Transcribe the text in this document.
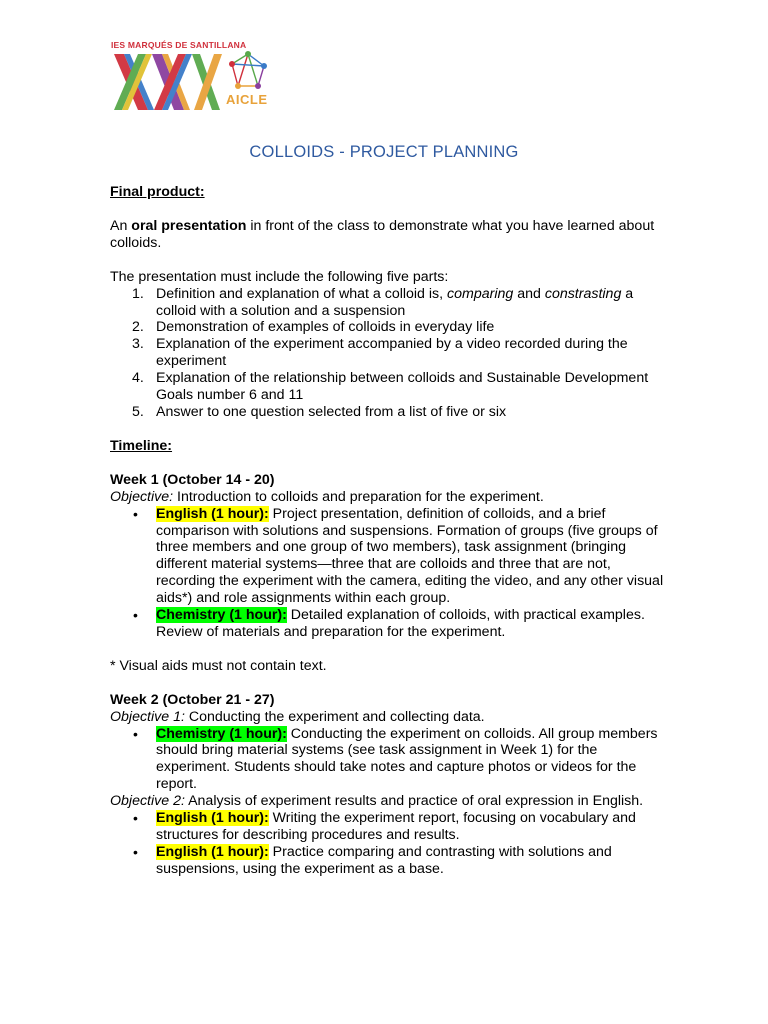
IES MARQUÉS DE SANTILLANA
AICLE
COLLOIDS - PROJECT PLANNING

Final product:

An oral presentation in front of the class to demonstrate what you have learned about colloids.

The presentation must include the following five parts:

1. Definition and explanation of what a colloid is, comparing and constrasting a colloid with a solution and a suspension
2. Demonstration of examples of colloids in everyday life
3. Explanation of the experiment accompanied by a video recorded during the experiment
4. Explanation of the relationship between colloids and Sustainable Development Goals number 6 and 11
5. Answer to one question selected from a list of five or six

Timeline:

Week 1 (October 14 - 20)

Objective: Introduction to colloids and preparation for the experiment.

• English (1 hour): Project presentation, definition of colloids, and a brief comparison with solutions and suspensions. Formation of groups (five groups of three members and one group of two members), task assignment (bringing different material systems—three that are colloids and three that are not, recording the experiment with the camera, editing the video, and any other visual aids*) and role assignments within each group.
• Chemistry (1 hour): Detailed explanation of colloids, with practical examples. Review of materials and preparation for the experiment.

* Visual aids must not contain text.

Week 2 (October 21 - 27)

Objective 1: Conducting the experiment and collecting data.

• Chemistry (1 hour): Conducting the experiment on colloids. All group members should bring material systems (see task assignment in Week 1) for the experiment. Students should take notes and capture photos or videos for the report.

Objective 2: Analysis of experiment results and practice of oral expression in English.

• English (1 hour): Writing the experiment report, focusing on vocabulary and structures for describing procedures and results.
• English (1 hour): Practice comparing and contrasting with solutions and suspensions, using the experiment as a base.
